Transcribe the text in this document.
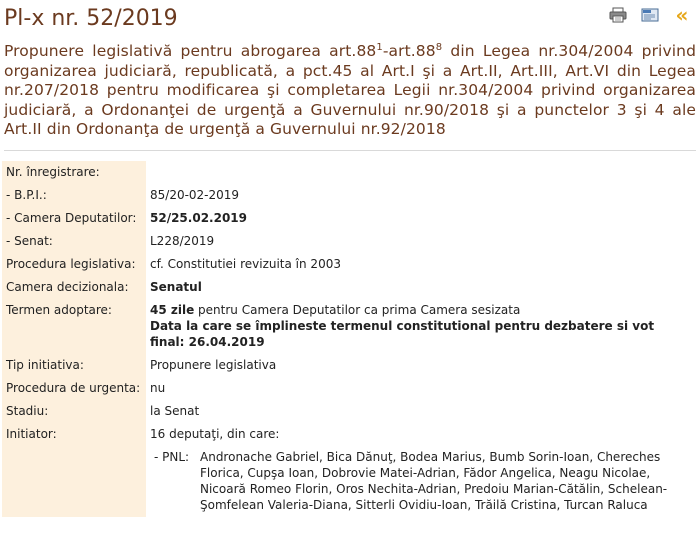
Pl-x nr. 52/2019	«
Propunere legislativă pentru abrogarea $art.88^1-art.88^8$ din Legea nr.304/2004 privind organizarea judiciară, republicată, a pct.45 al Art.I şi a Art.II, Art.III, Art.VI din Legea nr.207/2018 pentru modificarea şi completarea Legii nr.304/2004 privind organizarea judiciară, a Ordonanţei de urgenţă a Guvernului nr.90/2018 şi a punctelor 3 şi 4 ale Art.II din Ordonanţa de urgenţă a Guvernului nr.92/2018
Nr. înregistrare:	
- B.P.I.:	85/20-02-2019
- Camera Deputatilor:	52/25.02.2019
- Senat:	L228/2019
Procedura legislativa:	cf. Constitutiei revizuita în 2003
Camera decizionala:	Senatul
Termen adoptare:	45 zile pentru Camera Deputatilor ca prima Camera sesizata
Data la care se împlineste termenul constitutional pentru dezbatere si vot final: 26.04.2019
Tip initiativa:	Propunere legislativa
Procedura de urgenta:	nu
Stadiu:	la Senat
Initiator:	16 deputaţi, din care:

	- PNL: Andronache Gabriel, Bica Dănuţ, Bodea Marius, Bumb Sorin-Ioan, Chereches Florica, Cupşa Ioan, Dobrovie Matei-Adrian, Fădor Angelica, Neagu Nicolae, Nicoară Romeo Florin, Oros Nechita-Adrian, Predoiu Marian-Cătălin, Schelean-Şomfelean Valeria-Diana, Sitterli Ovidiu-Ioan, Trăilă Cristina, Turcan Raluca
